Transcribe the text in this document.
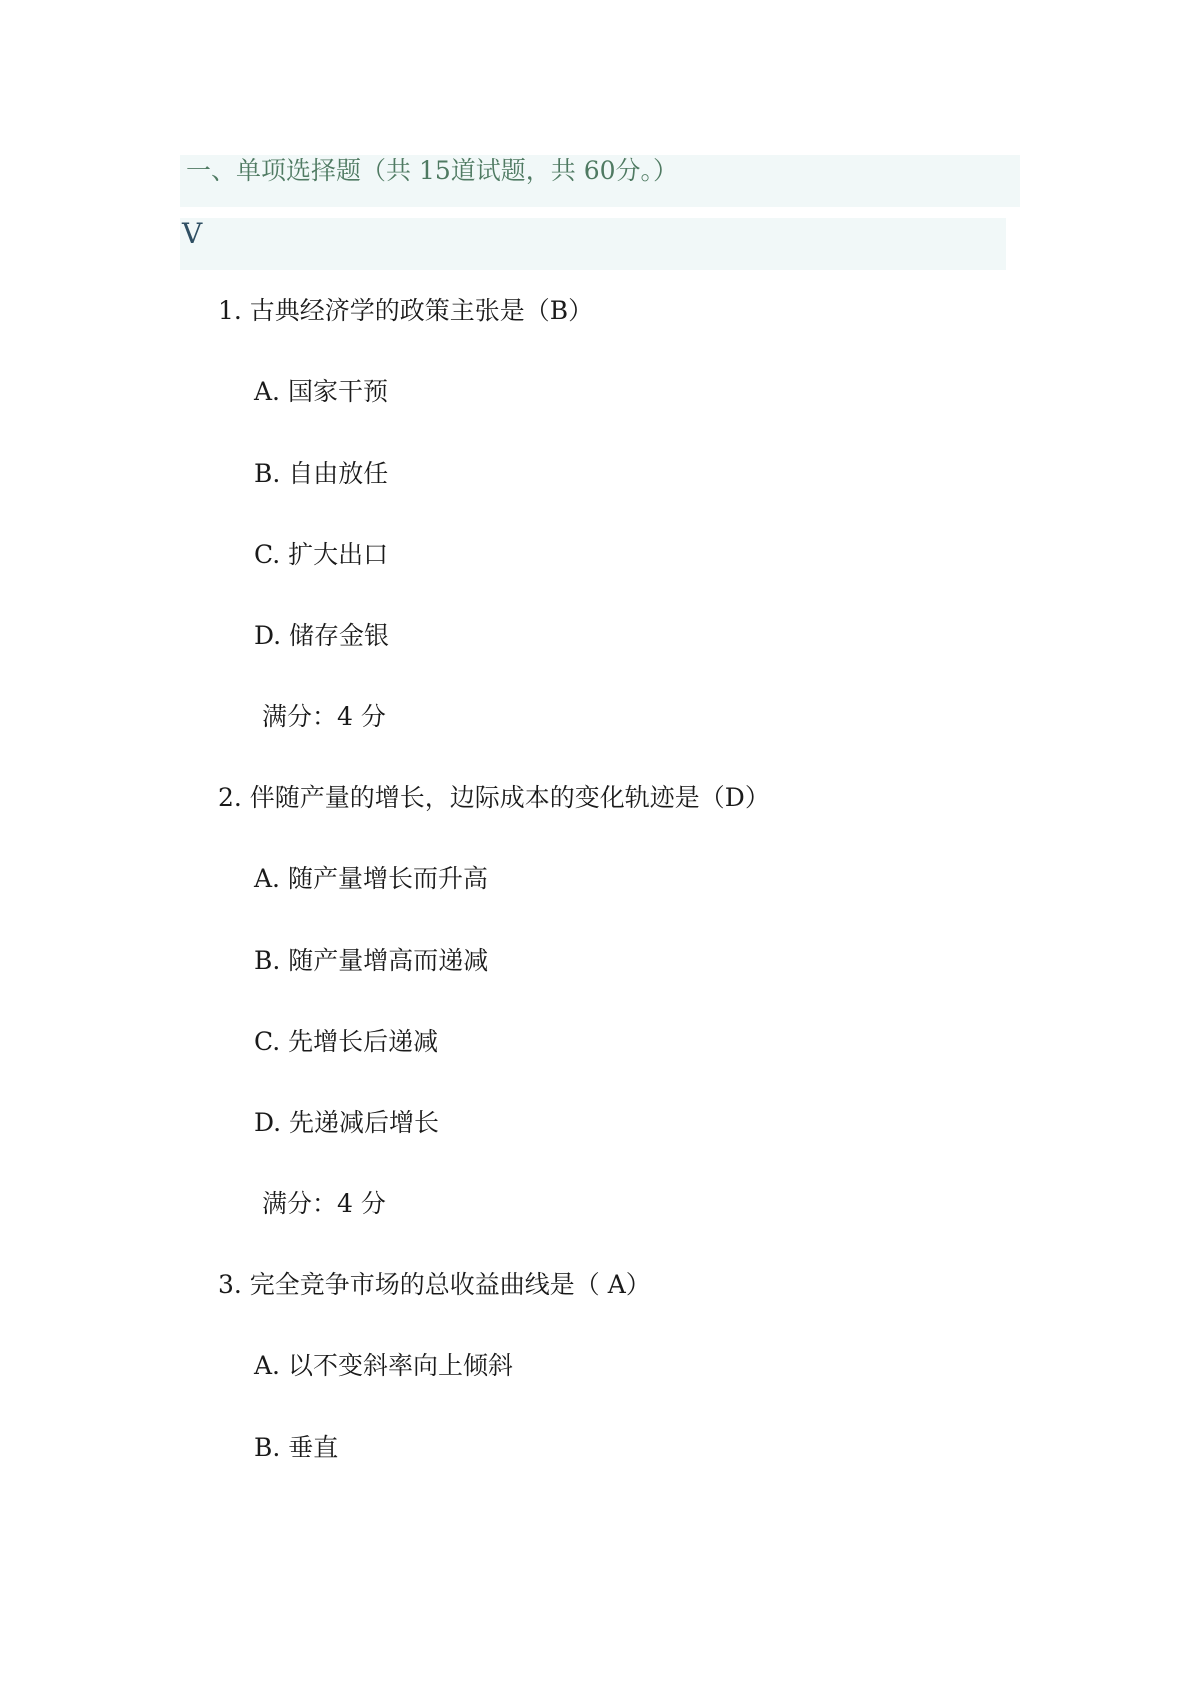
一、单项选择题（共 15道试题，共 60分。）
V
1. 古典经济学的政策主张是（B）
A. 国家干预
B. 自由放任
C. 扩大出口
D. 储存金银
满分：4 分
2. 伴随产量的增长，边际成本的变化轨迹是（D）
A. 随产量增长而升高
B. 随产量增高而递减
C. 先增长后递减
D. 先递减后增长
满分：4 分
3. 完全竞争市场的总收益曲线是（ A）
A. 以不变斜率向上倾斜
B. 垂直
